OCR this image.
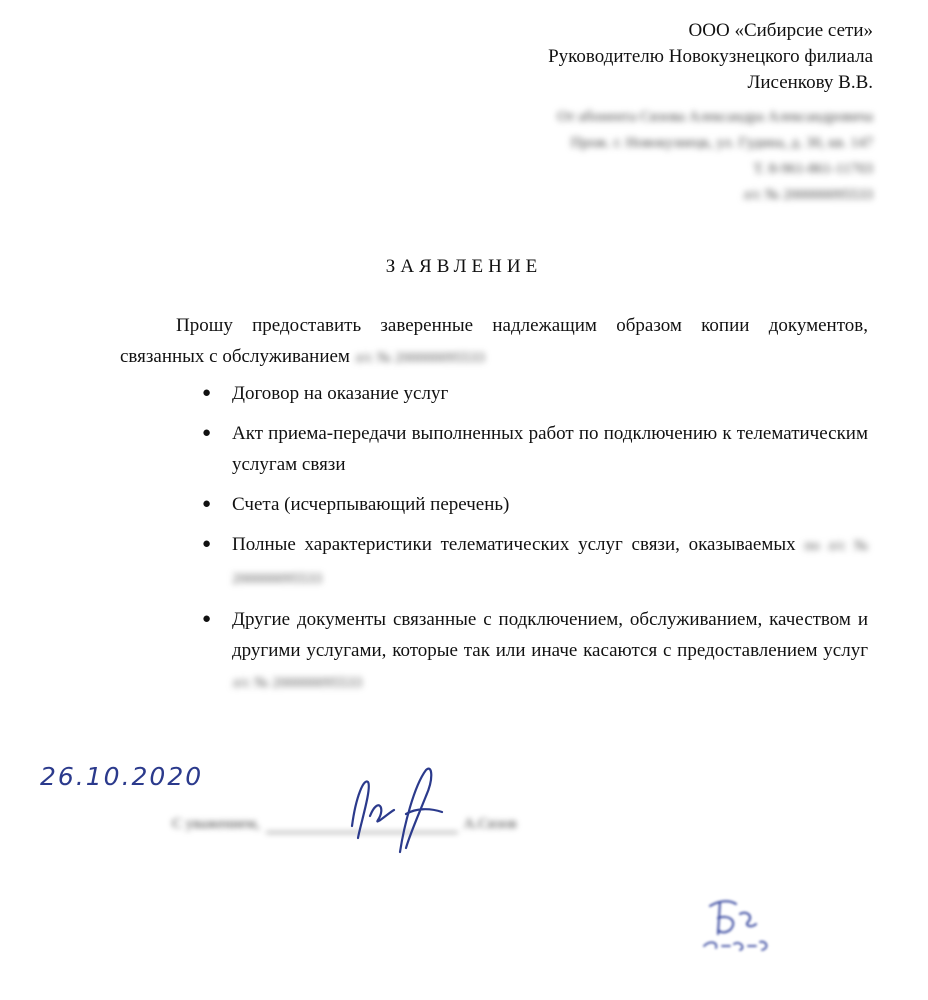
ООО «Сибирсие сети»
Руководителю Новокузнецкого филиала
Лисенкову В.В.
От абонента Сизова Александра Александровича
Прож. г. Новокузнецк, ул. Гудина, д. 30, кв. 147
Т. 8-961-861-11703
л/с № 200000095533
ЗАЯВЛЕНИЕ

Прошу предоставить заверенные надлежащим образом копии документов, связанных с обслуживанием л/с № 200000095533

● Договор на оказание услуг
● Акт приема-передачи выполненных работ по подключению к телематическим услугам связи
● Счета (исчерпывающий перечень)
● Полные характеристики телематических услуг связи, оказываемых по л/с № 200000095533
● Другие документы связанные с подключением, обслуживанием, качеством и другими услугами, которые так или иначе касаются с предоставлением услуг л/с № 200000095533
26.10.2020
С уважением,	А.Сизов
